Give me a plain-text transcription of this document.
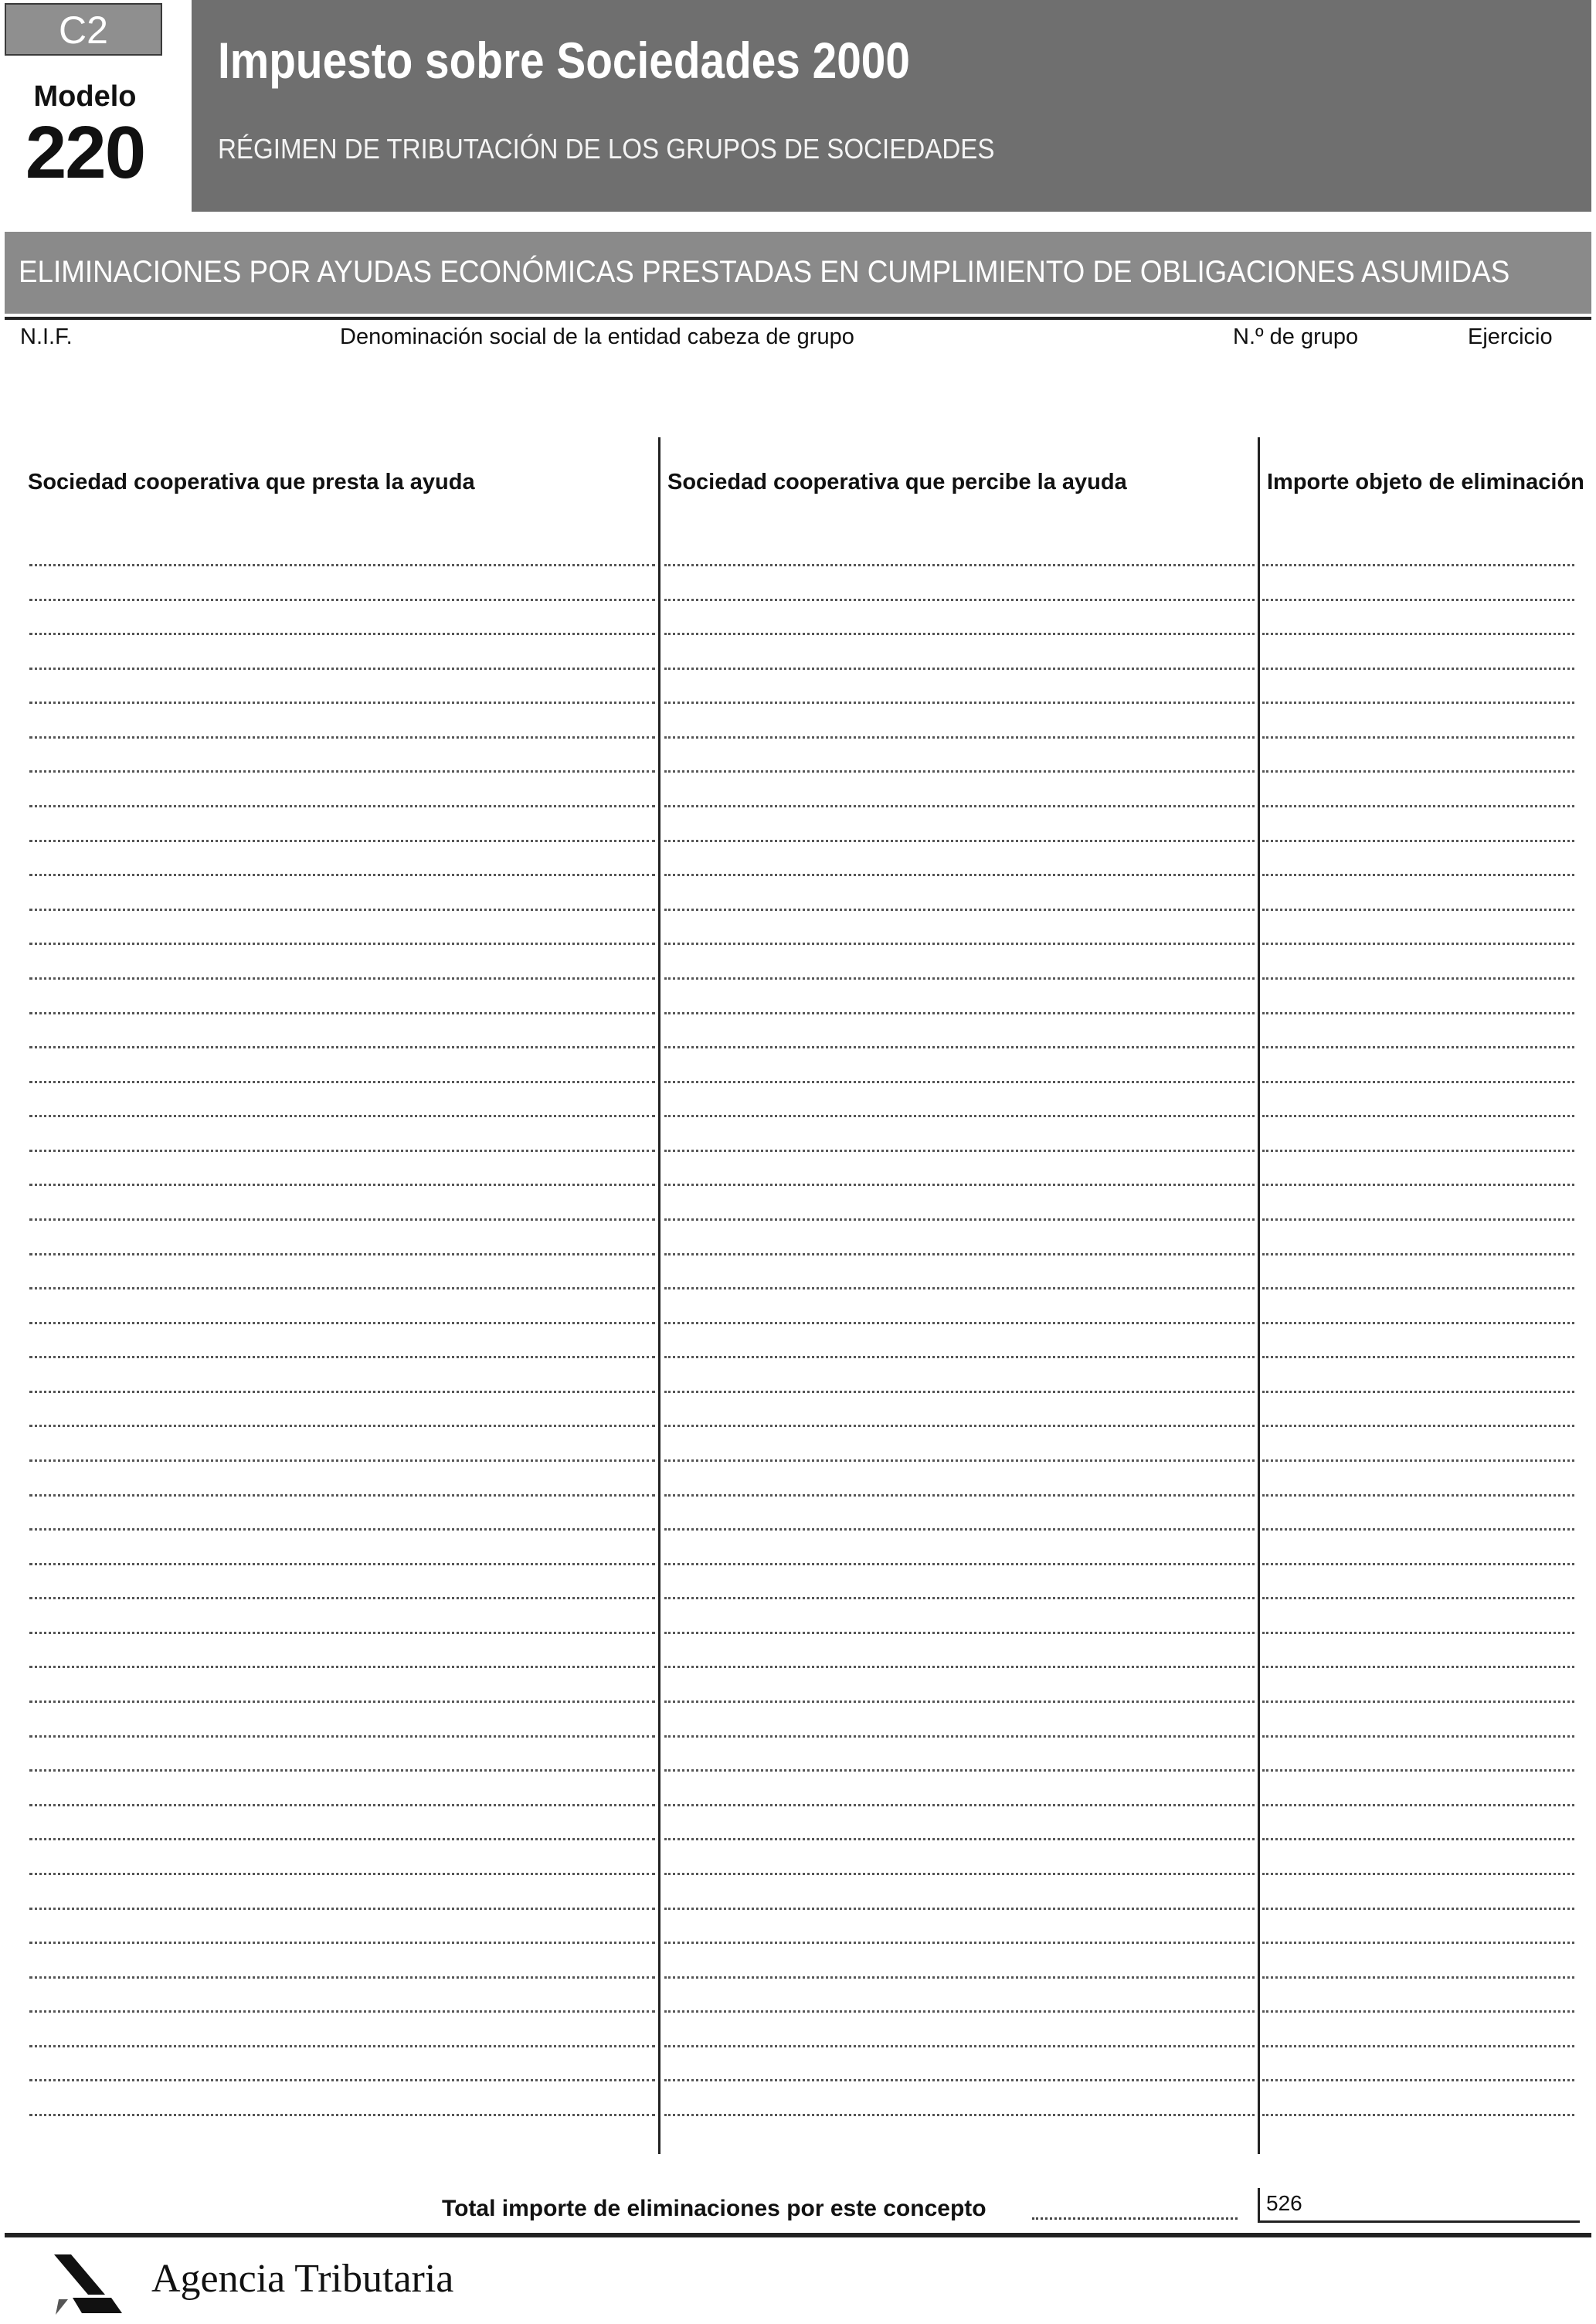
C2
Modelo
220
Impuesto sobre Sociedades 2000
RÉGIMEN DE TRIBUTACIÓN DE LOS GRUPOS DE SOCIEDADES
ELIMINACIONES POR AYUDAS ECONÓMICAS PRESTADAS EN CUMPLIMIENTO DE OBLIGACIONES ASUMIDAS
N.I.F.	Denominación social de la entidad cabeza de grupo	N.º de grupo	Ejercicio
Sociedad cooperativa que presta la ayuda	Sociedad cooperativa que percibe la ayuda	Importe objeto de eliminación
Total importe de eliminaciones por este concepto	526
Agencia Tributaria
